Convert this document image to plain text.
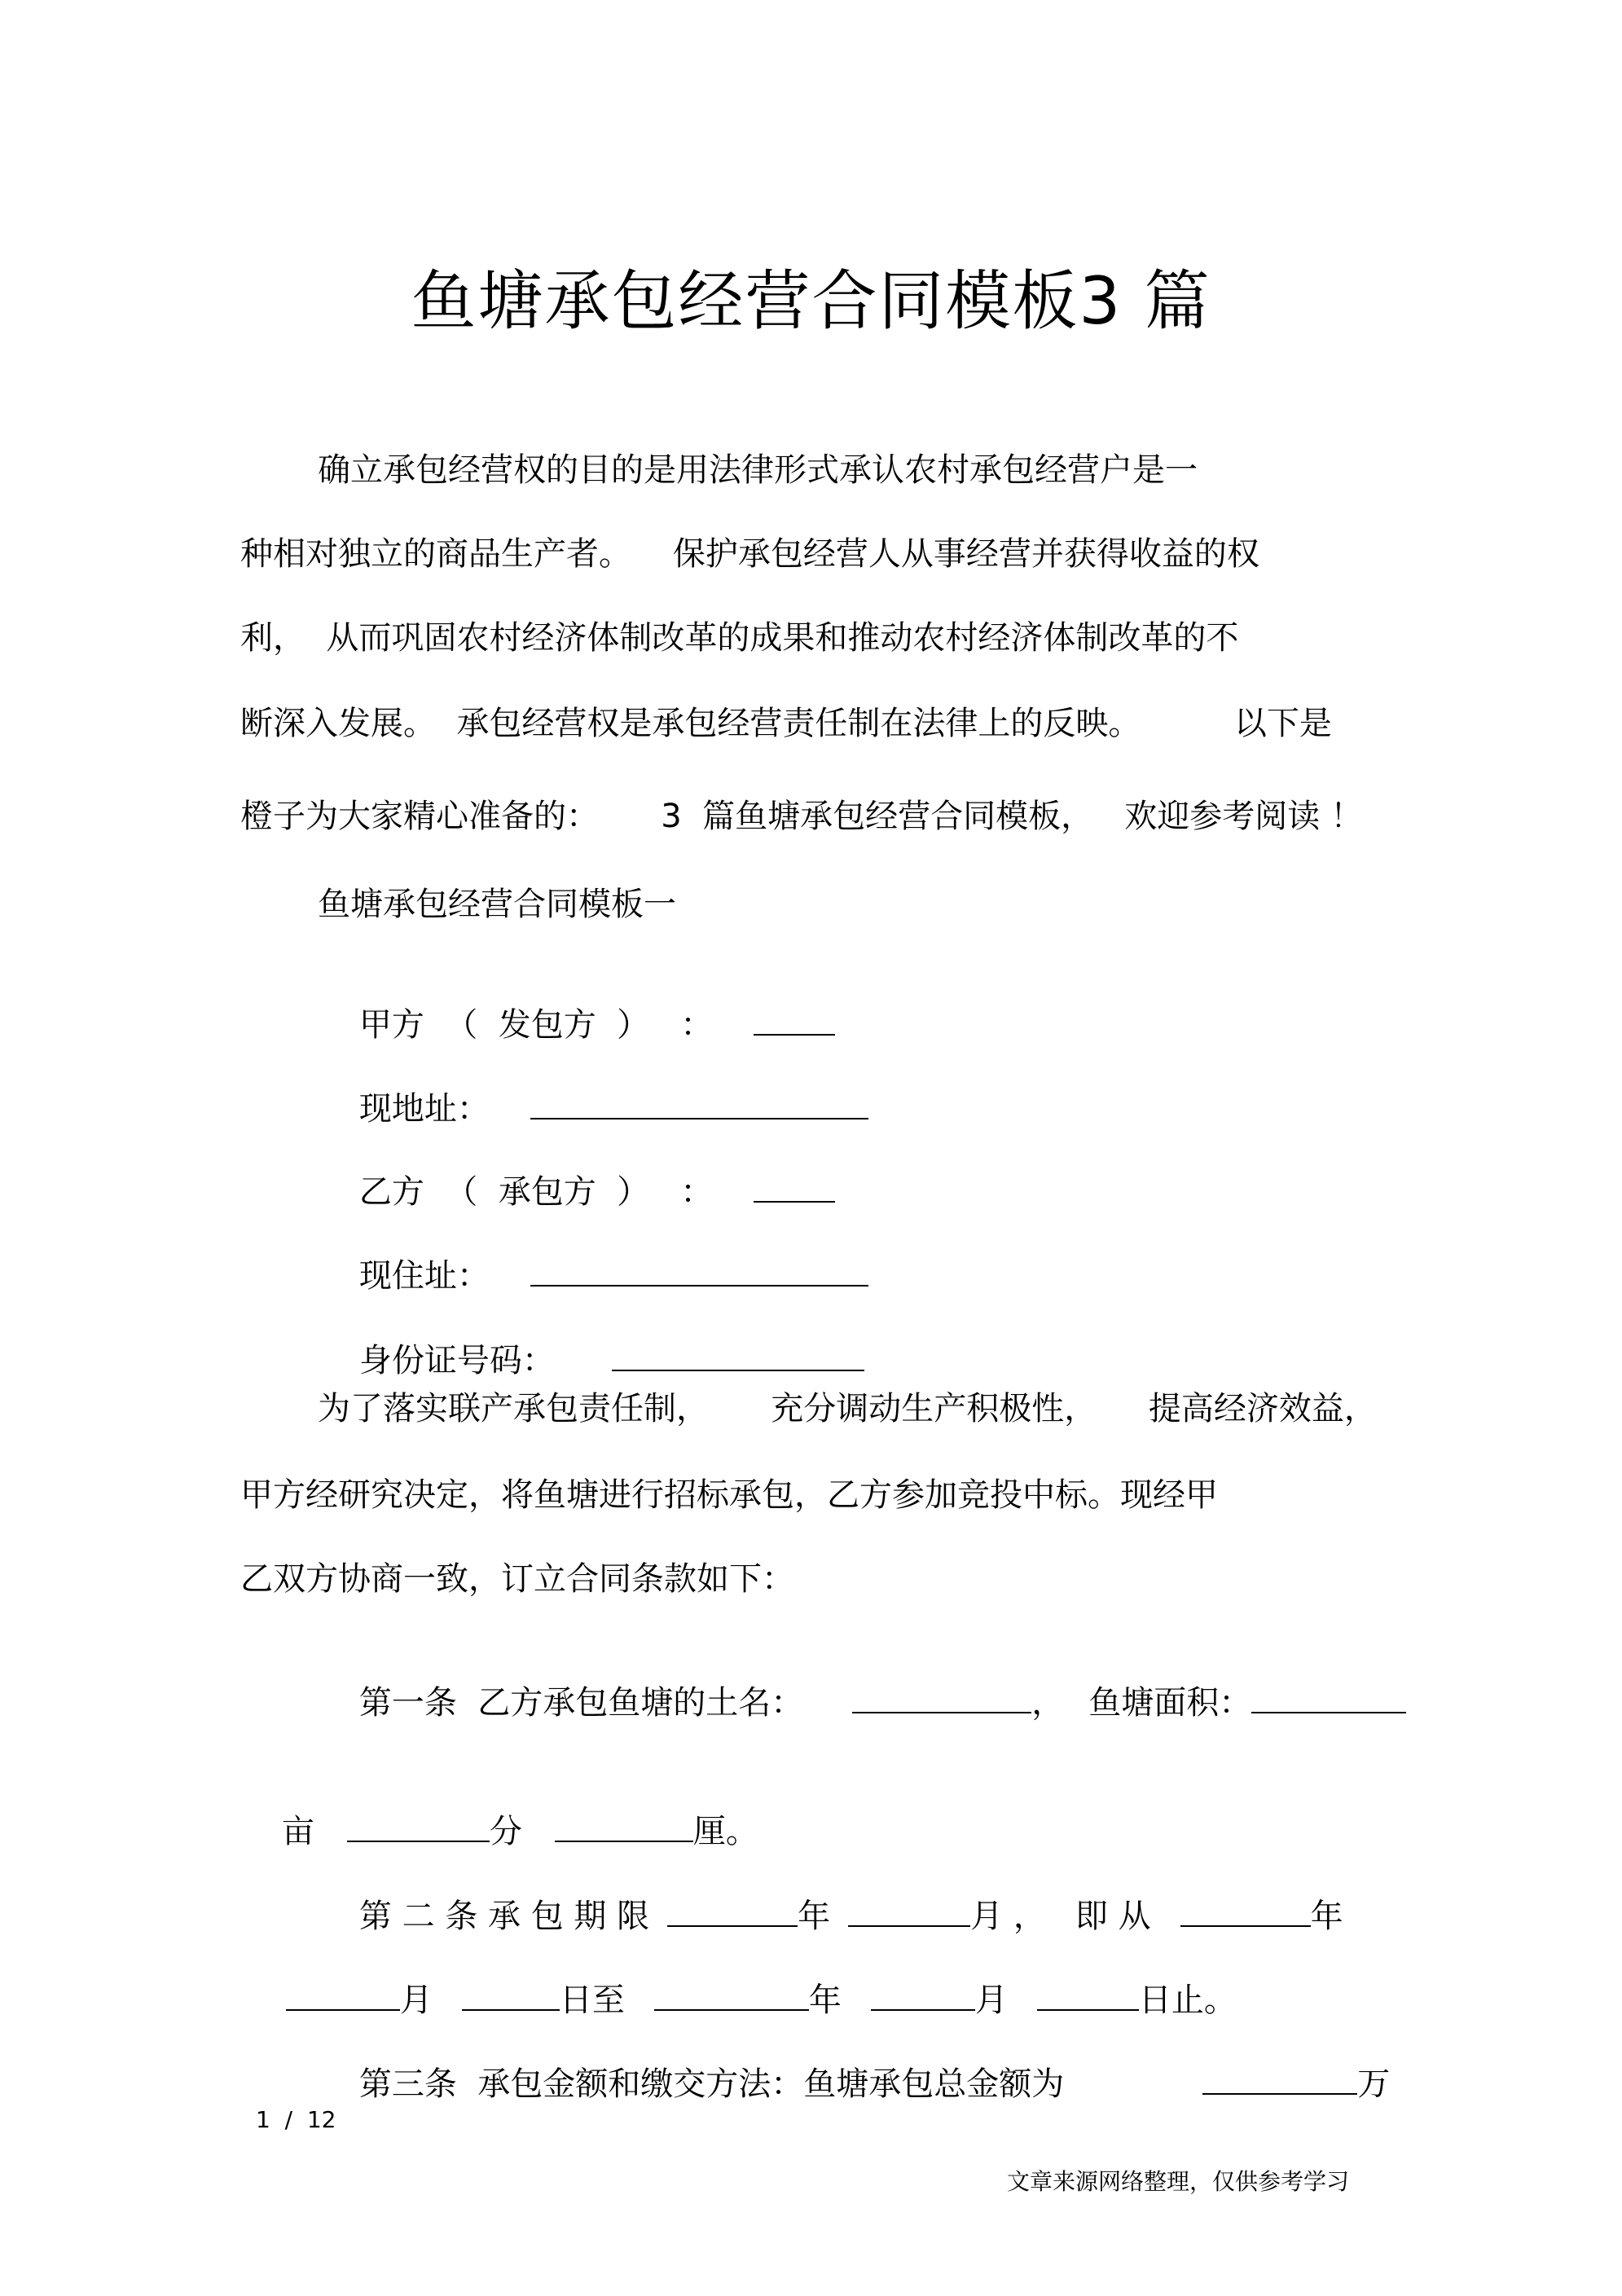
鱼塘承包经营合同模板3 篇
确立承包经营权的目的是用法律形式承认农村承包经营户是一
种相对独立的商品生产者。    保护承包经营人从事经营并获得收益的权
利，  从而巩固农村经济体制改革的成果和推动农村经济体制改革的不
断深入发展。  承包经营权是承包经营责任制在法律上的反映。         以下是
橙子为大家精心准备的：      3  篇鱼塘承包经营合同模板，   欢迎参考阅读 ！
鱼塘承包经营合同模板一

甲方  （  发包方  ）   ：

现地址：

乙方  （  承包方  ）   ：

现住址：

身份证号码：

为了落实联产承包责任制，      充分调动生产积极性，     提高经济效益，
甲方经研究决定，将鱼塘进行招标承包，乙方参加竞投中标。现经甲
乙双方协商一致，订立合同条款如下：

第一条  乙方承包鱼塘的土名：	， 鱼塘面积：

亩	分	厘。

第 二 条 承 包 期 限	年	月 ， 即 从	年

月	日至	年	月	日止。

第三条  承包金额和缴交方法：鱼塘承包总金额为	万

1  /  12
文章来源网络整理，仅供参考学习
